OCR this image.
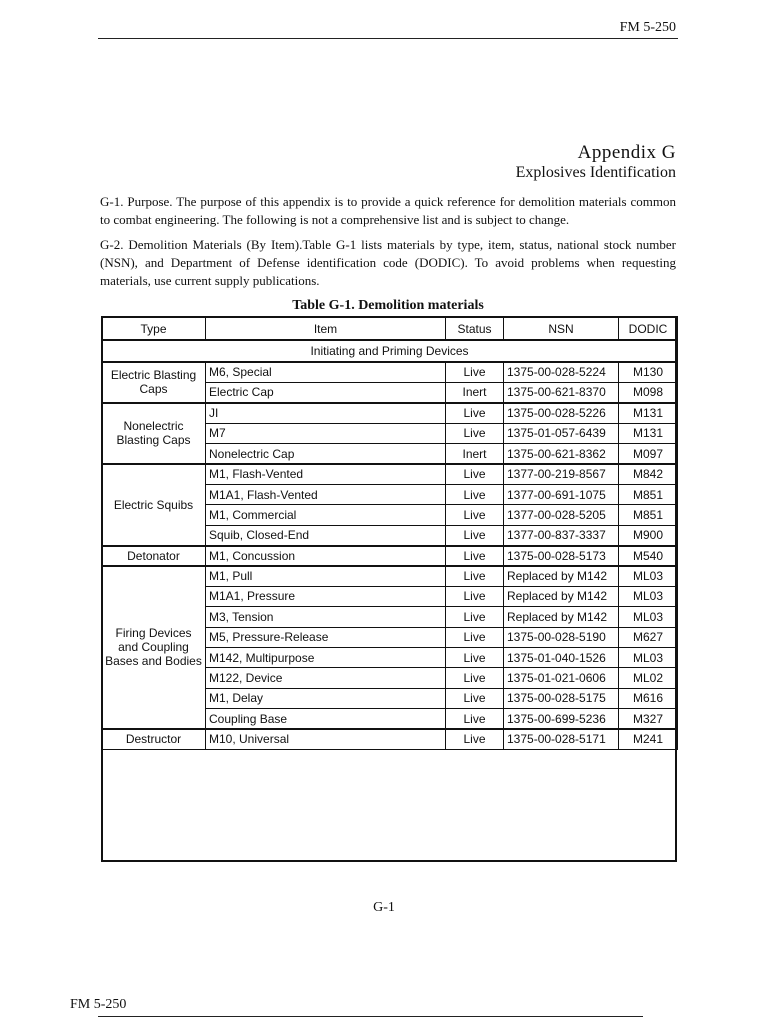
FM 5-250
Appendix G
Explosives Identification
G-1. Purpose. The purpose of this appendix is to provide a quick reference for demolition materials common to combat engineering. The following is not a comprehensive list and is subject to change.
G-2. Demolition Materials (By Item).Table G-1 lists materials by type, item, status, national stock number (NSN), and Department of Defense identification code (DODIC). To avoid problems when requesting materials, use current supply publications.
Table G-1. Demolition materials
Type	Item	Status	NSN	DODIC
Initiating and Priming Devices				
Electric Blasting Caps	M6, Special	Live	1375-00-028-5224	M130
	Electric Cap	Inert	1375-00-621-8370	M098
Nonelectric Blasting Caps	JI	Live	1375-00-028-5226	M131
	M7	Live	1375-01-057-6439	M131
	Nonelectric Cap	Inert	1375-00-621-8362	M097
Electric Squibs	M1, Flash-Vented	Live	1377-00-219-8567	M842
	M1A1, Flash-Vented	Live	1377-00-691-1075	M851
	M1, Commercial	Live	1377-00-028-5205	M851
	Squib, Closed-End	Live	1377-00-837-3337	M900
Detonator	M1, Concussion	Live	1375-00-028-5173	M540
Firing Devices and Coupling Bases and Bodies	M1, Pull	Live	Replaced by M142	ML03
	M1A1, Pressure	Live	Replaced by M142	ML03
	M3, Tension	Live	Replaced by M142	ML03
	M5, Pressure-Release	Live	1375-00-028-5190	M627
	M142, Multipurpose	Live	1375-01-040-1526	ML03
	M122, Device	Live	1375-01-021-0606	ML02
	M1, Delay	Live	1375-00-028-5175	M616
	Coupling Base	Live	1375-00-699-5236	M327
Destructor	M10, Universal	Live	1375-00-028-5171	M241
G-1
FM 5-250
